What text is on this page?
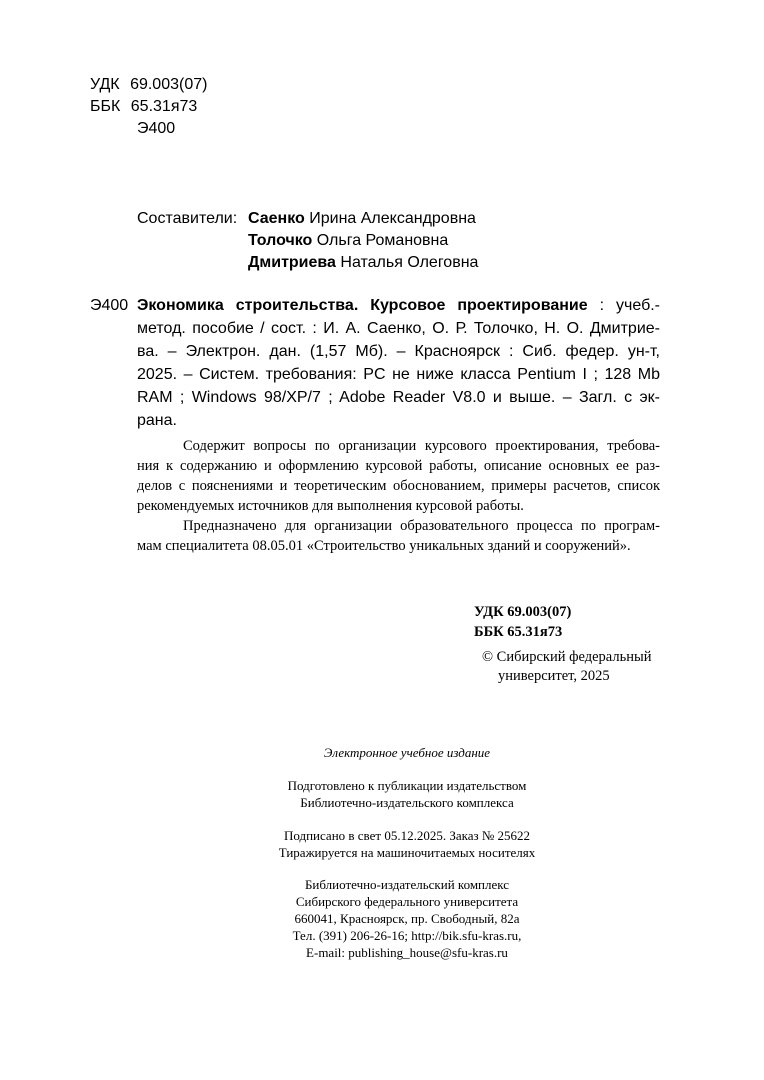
УДК 69.003(07)
ББК 65.31я73
Э400
Составители: Саенко Ирина Александровна
Толочко Ольга Романовна
Дмитриева Наталья Олеговна
Э400 Экономика строительства. Курсовое проектирование : учеб.-
метод. пособие / сост. : И. А. Саенко, О. Р. Толочко, Н. О. Дмитрие-
ва. – Электрон. дан. (1,57 Мб). – Красноярск : Сиб. федер. ун-т,
2025. – Систем. требования: PC не ниже класса Pentium I ; 128 Mb
RAM ; Windows 98/XP/7 ; Adobe Reader V8.0 и выше. – Загл. с эк-
рана.
Содержит вопросы по организации курсового проектирования, требова-
ния к содержанию и оформлению курсовой работы, описание основных ее раз-
делов с пояснениями и теоретическим обоснованием, примеры расчетов, список
рекомендуемых источников для выполнения курсовой работы.
Предназначено для организации образовательного процесса по програм-
мам специалитета 08.05.01 «Строительство уникальных зданий и сооружений».
УДК 69.003(07)
ББК 65.31я73
© Сибирский федеральный
университет, 2025
Электронное учебное издание
Подготовлено к публикации издательством
Библиотечно-издательского комплекса
Подписано в свет 05.12.2025. Заказ № 25622
Тиражируется на машиночитаемых носителях
Библиотечно-издательский комплекс
Сибирского федерального университета
660041, Красноярск, пр. Свободный, 82а
Тел. (391) 206-26-16; http://bik.sfu-kras.ru,
E-mail: publishing_house@sfu-kras.ru
